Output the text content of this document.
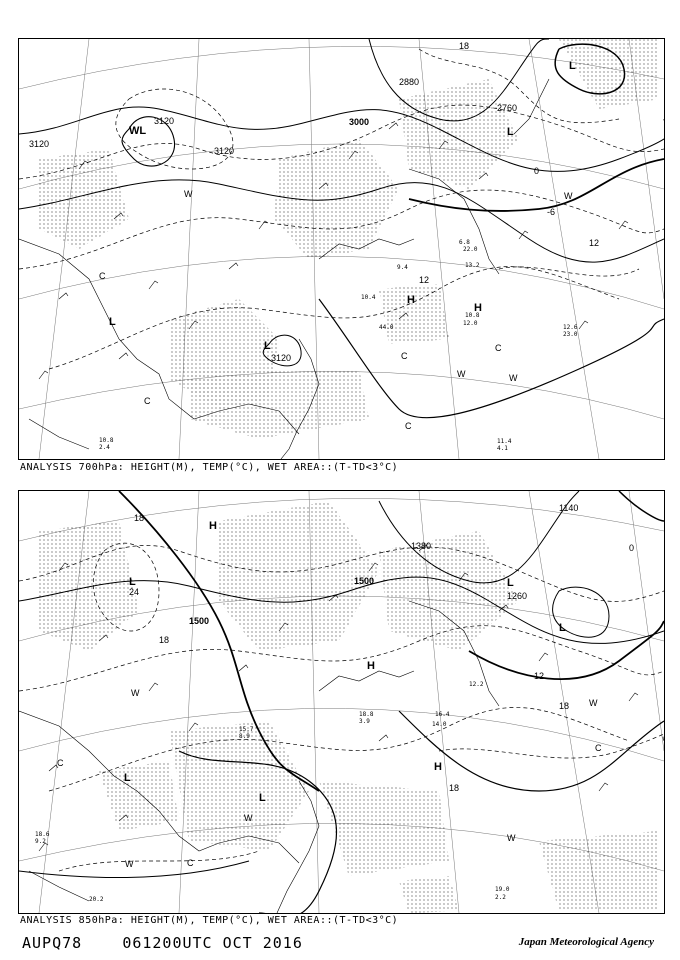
3120
3120
3120
3000
2880
2760
3120
12
12
-6
0
18
L
L
L
H
H
L
WL
W
W	W
W
C
C
C
C
C
10.4
44.0
11.4
4.1
12.6
23.0
10.8
12.0
9.4	13.2
6.8
22.0
2.4
10.8
ANALYSIS 700hPa: HEIGHT(M), TEMP(°C), WET AREA::(T-TD<3°C)
1500
1500
1380
1260
1140
18
18
18
18
12
0
24
L
L
L
L
H
H
H
L
W
W
W
W
W
C
C
C
19.0
2.2
18.8
3.9
20.2
14.0
16.4
12.2
18.6
9.2
15.7
8.9
ANALYSIS 850hPa: HEIGHT(M), TEMP(°C), WET AREA::(T-TD<3°C)
AUPQ78	061200UTC OCT 2016	Japan Meteorological Agency
